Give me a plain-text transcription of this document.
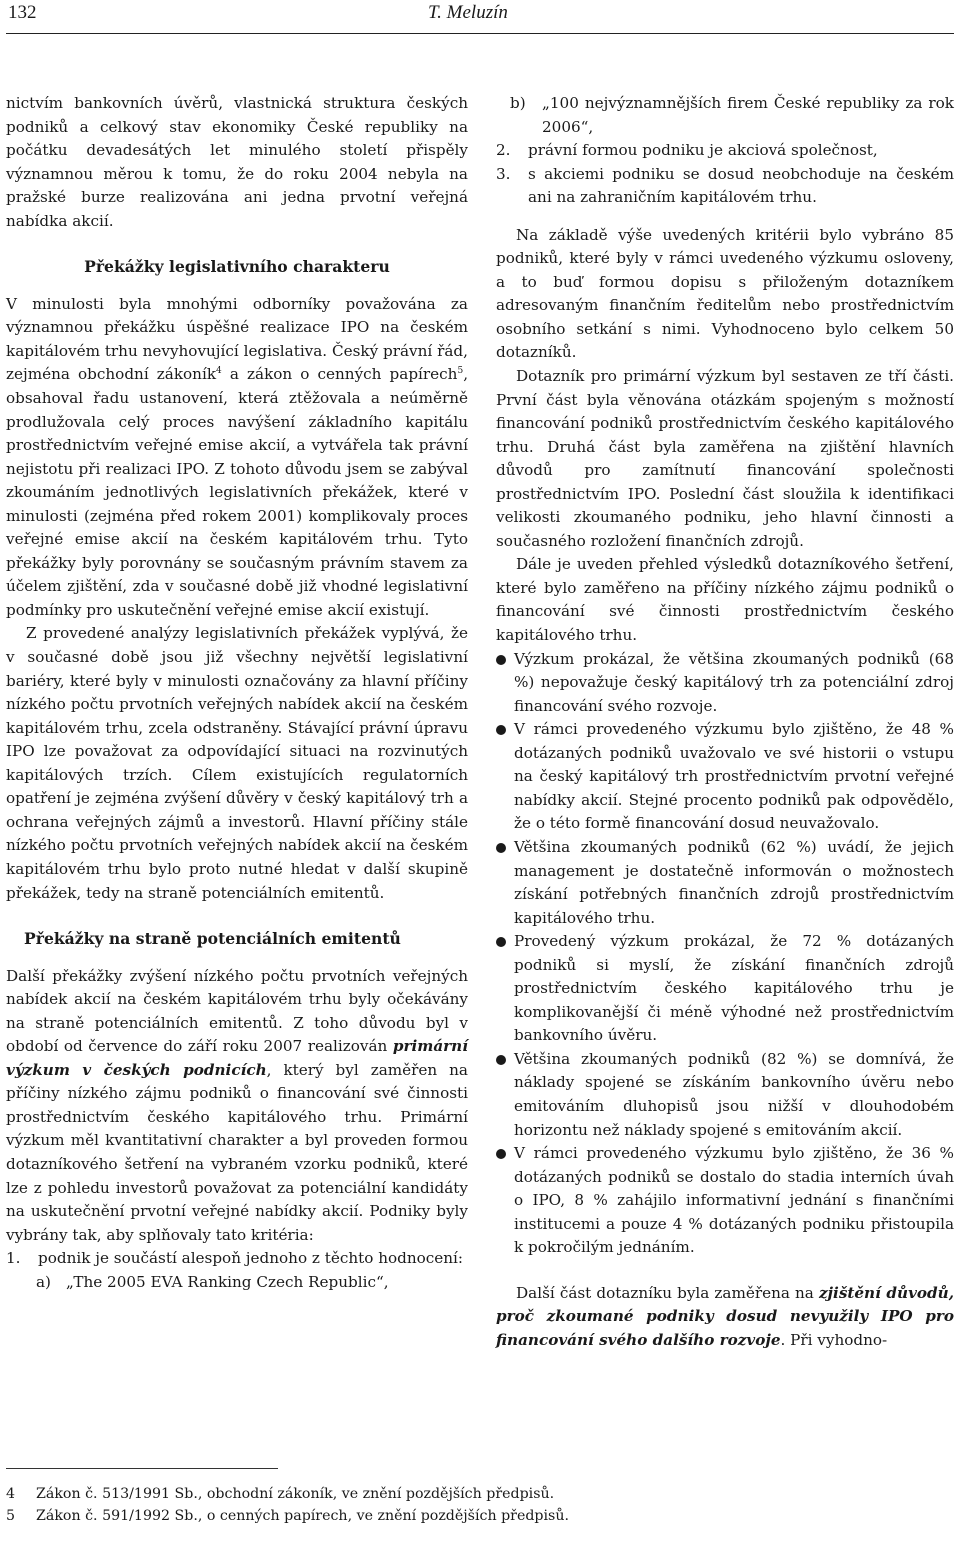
132	T. Meluzín

nictvím bankovních úvěrů, vlastnická struktura českých podniků a celkový stav ekonomiky České republiky na počátku devadesátých let minulého století přispěly významnou měrou k tomu, že do roku 2004 nebyla na pražské burze realizována ani jedna prvotní veřejná nabídka akcií.

Překážky legislativního charakteru

V minulosti byla mnohými odborníky považována za významnou překážku úspěšné realizace IPO na českém kapitálovém trhu nevyhovující legislativa. Český právní řád, zejména obchodní zákoník$^4$ a zákon o cenných papírech$^5$, obsahoval řadu ustanovení, která ztěžovala a neúměrně prodlužovala celý proces navýšení základního kapitálu prostřednictvím veřejné emise akcií, a vytvářela tak právní nejistotu při realizaci IPO. Z tohoto důvodu jsem se zabýval zkoumáním jednotlivých legislativních překážek, které v minulosti (zejména před rokem 2001) komplikovaly proces veřejné emise akcií na českém kapitálovém trhu. Tyto překážky byly porovnány se současným právním stavem za účelem zjištění, zda v současné době již vhodné legislativní podmínky pro uskutečnění veřejné emise akcií existují.

Z provedené analýzy legislativních překážek vyplývá, že v současné době jsou již všechny největší legislativní bariéry, které byly v minulosti označovány za hlavní příčiny nízkého počtu prvotních veřejných nabídek akcií na českém kapitálovém trhu, zcela odstraněny. Stávající právní úpravu IPO lze považovat za odpovídající situaci na rozvinutých kapitálových trzích. Cílem existujících regulatorních opatření je zejména zvýšení důvěry v český kapitálový trh a ochrana veřejných zájmů a investorů. Hlavní příčiny stále nízkého počtu prvotních veřejných nabídek akcií na českém kapitálovém trhu bylo proto nutné hledat v další skupině překážek, tedy na straně potenciálních emitentů.

Překážky na straně potenciálních emitentů

Další překážky zvýšení nízkého počtu prvotních veřejných nabídek akcií na českém kapitálovém trhu byly očekávány na straně potenciálních emitentů. Z toho důvodu byl v období od července do září roku 2007 realizován primární výzkum v českých podnicích, který byl zaměřen na příčiny nízkého zájmu podniků o financování své činnosti prostřednictvím českého kapitálového trhu. Primární výzkum měl kvantitativní charakter a byl proveden formou dotazníkového šetření na vybraném vzorku podniků, které lze z pohledu investorů považovat za potenciální kandidáty na uskutečnění prvotní veřejné nabídky akcií. Podniky byly vybrány tak, aby splňovaly tato kritéria:

1.	podnik je součástí alespoň jednoho z těchto hodnocení:
a) „The 2005 EVA Ranking Czech Republic“,
b)	„100 nejvýznamnějších firem České republiky za rok 2006“,
2.	právní formou podniku je akciová společnost,
3.	s akciemi podniku se dosud neobchoduje na českém ani na zahraničním kapitálovém trhu.

Na základě výše uvedených kritérii bylo vybráno 85 podniků, které byly v rámci uvedeného výzkumu osloveny, a to buď formou dopisu s přiloženým dotazníkem adresovaným finančním ředitelům nebo prostřednictvím osobního setkání s nimi. Vyhodnoceno bylo celkem 50 dotazníků.

Dotazník pro primární výzkum byl sestaven ze tří části. První část byla věnována otázkám spojeným s možností financování podniků prostřednictvím českého kapitálového trhu. Druhá část byla zaměřena na zjištění hlavních důvodů pro zamítnutí financování společnosti prostřednictvím IPO. Poslední část sloužila k identifikaci velikosti zkoumaného podniku, jeho hlavní činnosti a současného rozložení finančních zdrojů.

Dále je uveden přehled výsledků dotazníkového šetření, které bylo zaměřeno na příčiny nízkého zájmu podniků o financování své činnosti prostřednictvím českého kapitálového trhu.

Výzkum prokázal, že většina zkoumaných podniků (68 %) nepovažuje český kapitálový trh za potenciální zdroj financování svého rozvoje.
V rámci provedeného výzkumu bylo zjištěno, že 48 % dotázaných podniků uvažovalo ve své historii o vstupu na český kapitálový trh prostřednictvím prvotní veřejné nabídky akcií. Stejné procento podniků pak odpovědělo, že o této formě financování dosud neuvažovalo.
Většina zkoumaných podniků (62 %) uvádí, že jejich management je dostatečně informován o možnostech získání potřebných finančních zdrojů prostřednictvím kapitálového trhu.
Provedený výzkum prokázal, že 72 % dotázaných podniků si myslí, že získání finančních zdrojů prostřednictvím českého kapitálového trhu je komplikovanější či méně výhodné než prostřednictvím bankovního úvěru.
Většina zkoumaných podniků (82 %) se domnívá, že náklady spojené se získáním bankovního úvěru nebo emitováním dluhopisů jsou nižší v dlouhodobém horizontu než náklady spojené s emitováním akcií.
V rámci provedeného výzkumu bylo zjištěno, že 36 % dotázaných podniků se dostalo do stadia interních úvah o IPO, 8 % zahájilo informativní jednání s finančními institucemi a pouze 4 % dotázaných podniku přistoupila k pokročilým jednáním.

Další část dotazníku byla zaměřena na zjištění důvodů, proč zkoumané podniky dosud nevyužily IPO pro financování svého dalšího rozvoje. Při vyhodno-

4	Zákon č. 513/1991 Sb., obchodní zákoník, ve znění pozdějších předpisů.
5	Zákon č. 591/1992 Sb., o cenných papírech, ve znění pozdějších předpisů.
